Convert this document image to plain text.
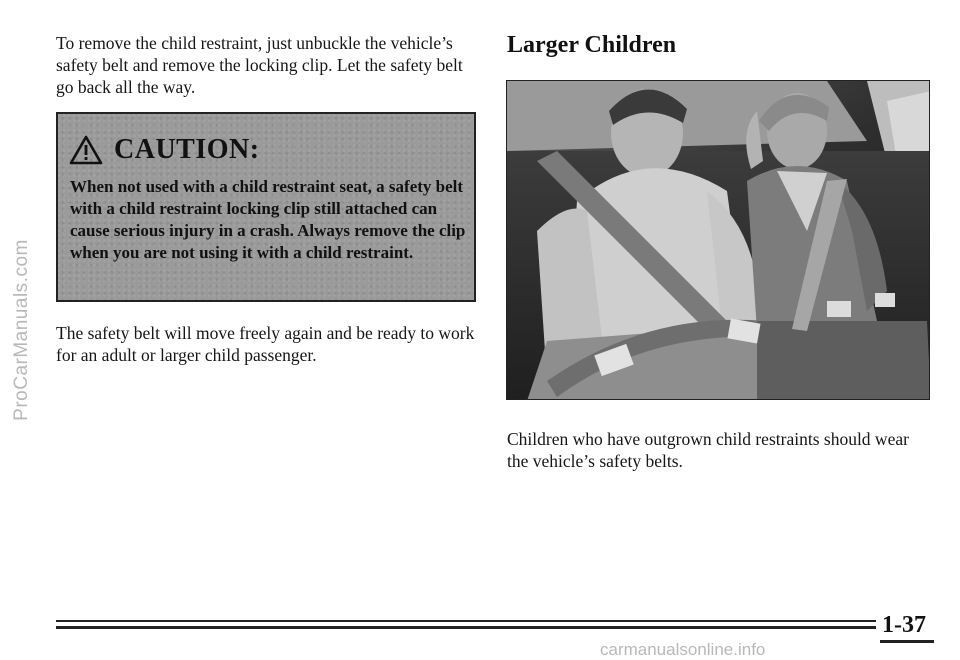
ProCarManuals.com

To remove the child restraint, just unbuckle the vehicle’s safety belt and remove the locking clip. Let the safety belt go back all the way.

CAUTION:

When not used with a child restraint seat, a safety belt with a child restraint locking clip still attached can cause serious injury in a crash. Always remove the clip when you are not using it with a child restraint.

The safety belt will move freely again and be ready to work for an adult or larger child passenger.

Larger Children

Children who have outgrown child restraints should wear the vehicle’s safety belts.

1-37
carmanualsonline.info
